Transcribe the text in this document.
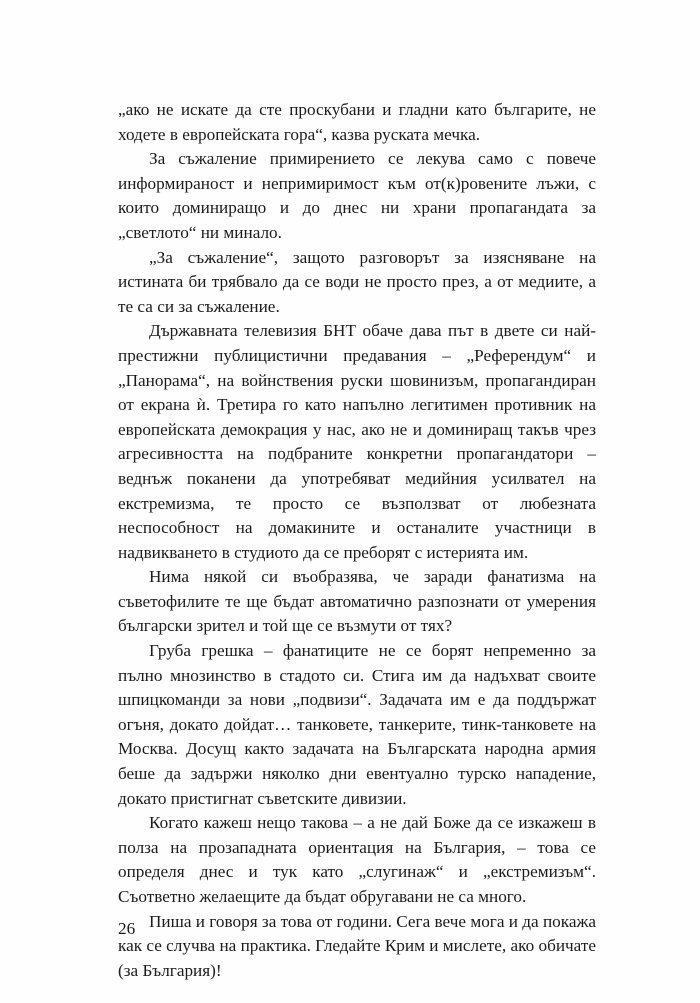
„ако не искате да сте проскубани и гладни като българите, не ходете в европейската гора“, казва руската мечка.

За съжаление примирението се лекува само с повече информираност и непримиримост към от(к)ровените лъжи, с които доминиращо и до днес ни храни пропагандата за „светлото“ ни минало.

„За съжаление“, защото разговорът за изясняване на истината би трябвало да се води не просто през, а от медиите, а те са си за съжаление.

Държавната телевизия БНТ обаче дава път в двете си най-престижни публицистични предавания – „Референдум“ и „Панорама“, на войнствения руски шовинизъм, пропагандиран от екрана ѝ. Третира го като напълно легитимен противник на европейската демокрация у нас, ако не и доминиращ такъв чрез агресивността на подбраните конкретни пропагандатори – веднъж поканени да употребяват медийния усилвател на екстремизма, те просто се възползват от любезната неспособност на домакините и останалите участници в надвикването в студиото да се преборят с истерията им.

Нима някой си въобразява, че заради фанатизма на съветофилите те ще бъдат автоматично разпознати от умерения български зрител и той ще се възмути от тях?

Груба грешка – фанатиците не се борят непременно за пълно мнозинство в стадото си. Стига им да надъхват своите шпицкоманди за нови „подвизи“. Задачата им е да поддържат огъня, докато дойдат… танковете, танкерите, тинк-танковете на Москва. Досущ както задачата на Българската народна армия беше да задържи няколко дни евентуално турско нападение, докато пристигнат съветските дивизии.

Когато кажеш нещо такова – а не дай Боже да се изкажеш в полза на прозападната ориентация на България, – това се определя днес и тук като „слугинаж“ и „екстремизъм“. Съответно желаещите да бъдат обругавани не са много.

Пиша и говоря за това от години. Сега вече мога и да покажа как се случва на практика. Гледайте Крим и мислете, ако обичате (за България)!

26
